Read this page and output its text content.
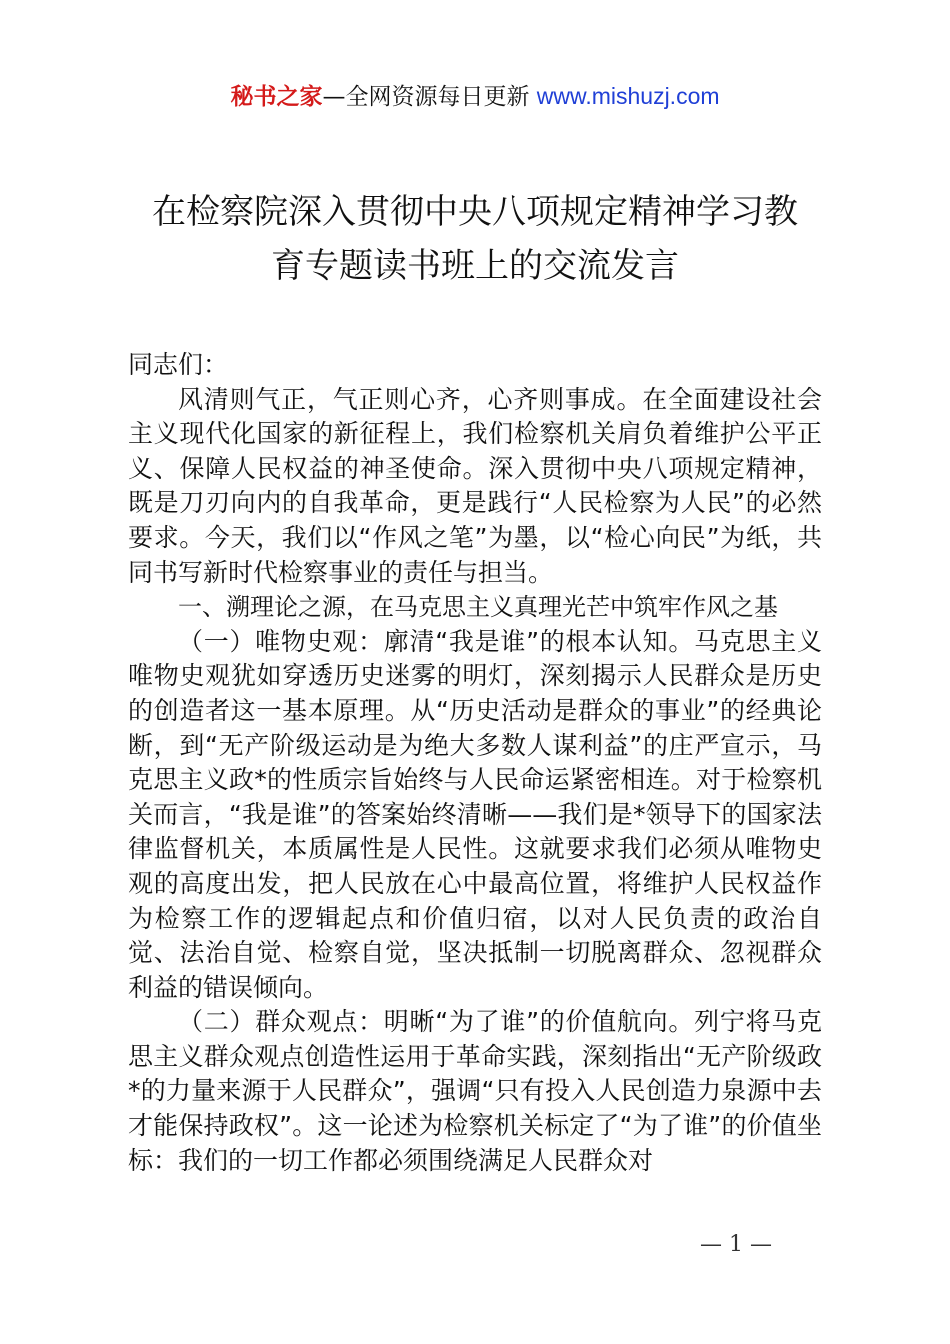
秘书之家—全网资源每日更新 www.mishuzj.com
在检察院深入贯彻中央八项规定精神学习教
育专题读书班上的交流发言

同志们：

风清则气正，气正则心齐，心齐则事成。在全面建设社会主义现代化国家的新征程上，我们检察机关肩负着维护公平正义、保障人民权益的神圣使命。深入贯彻中央八项规定精神，既是刀刃向内的自我革命，更是践行“人民检察为人民”的必然要求。今天，我们以“作风之笔”为墨，以“检心向民”为纸，共同书写新时代检察事业的责任与担当。

一、溯理论之源，在马克思主义真理光芒中筑牢作风之基

（一）唯物史观：廓清“我是谁”的根本认知。马克思主义唯物史观犹如穿透历史迷雾的明灯，深刻揭示人民群众是历史的创造者这一基本原理。从“历史活动是群众的事业”的经典论断，到“无产阶级运动是为绝大多数人谋利益”的庄严宣示，马克思主义政*的性质宗旨始终与人民命运紧密相连。对于检察机关而言，“我是谁”的答案始终清晰——我们是*领导下的国家法律监督机关，本质属性是人民性。这就要求我们必须从唯物史观的高度出发，把人民放在心中最高位置，将维护人民权益作为检察工作的逻辑起点和价值归宿，以对人民负责的政治自觉、法治自觉、检察自觉，坚决抵制一切脱离群众、忽视群众利益的错误倾向。

（二）群众观点：明晰“为了谁”的价值航向。列宁将马克思主义群众观点创造性运用于革命实践，深刻指出“无产阶级政*的力量来源于人民群众”，强调“只有投入人民创造力泉源中去才能保持政权”。这一论述为检察机关标定了“为了谁”的价值坐标：我们的一切工作都必须围绕满足人民群众对

— 1 —
